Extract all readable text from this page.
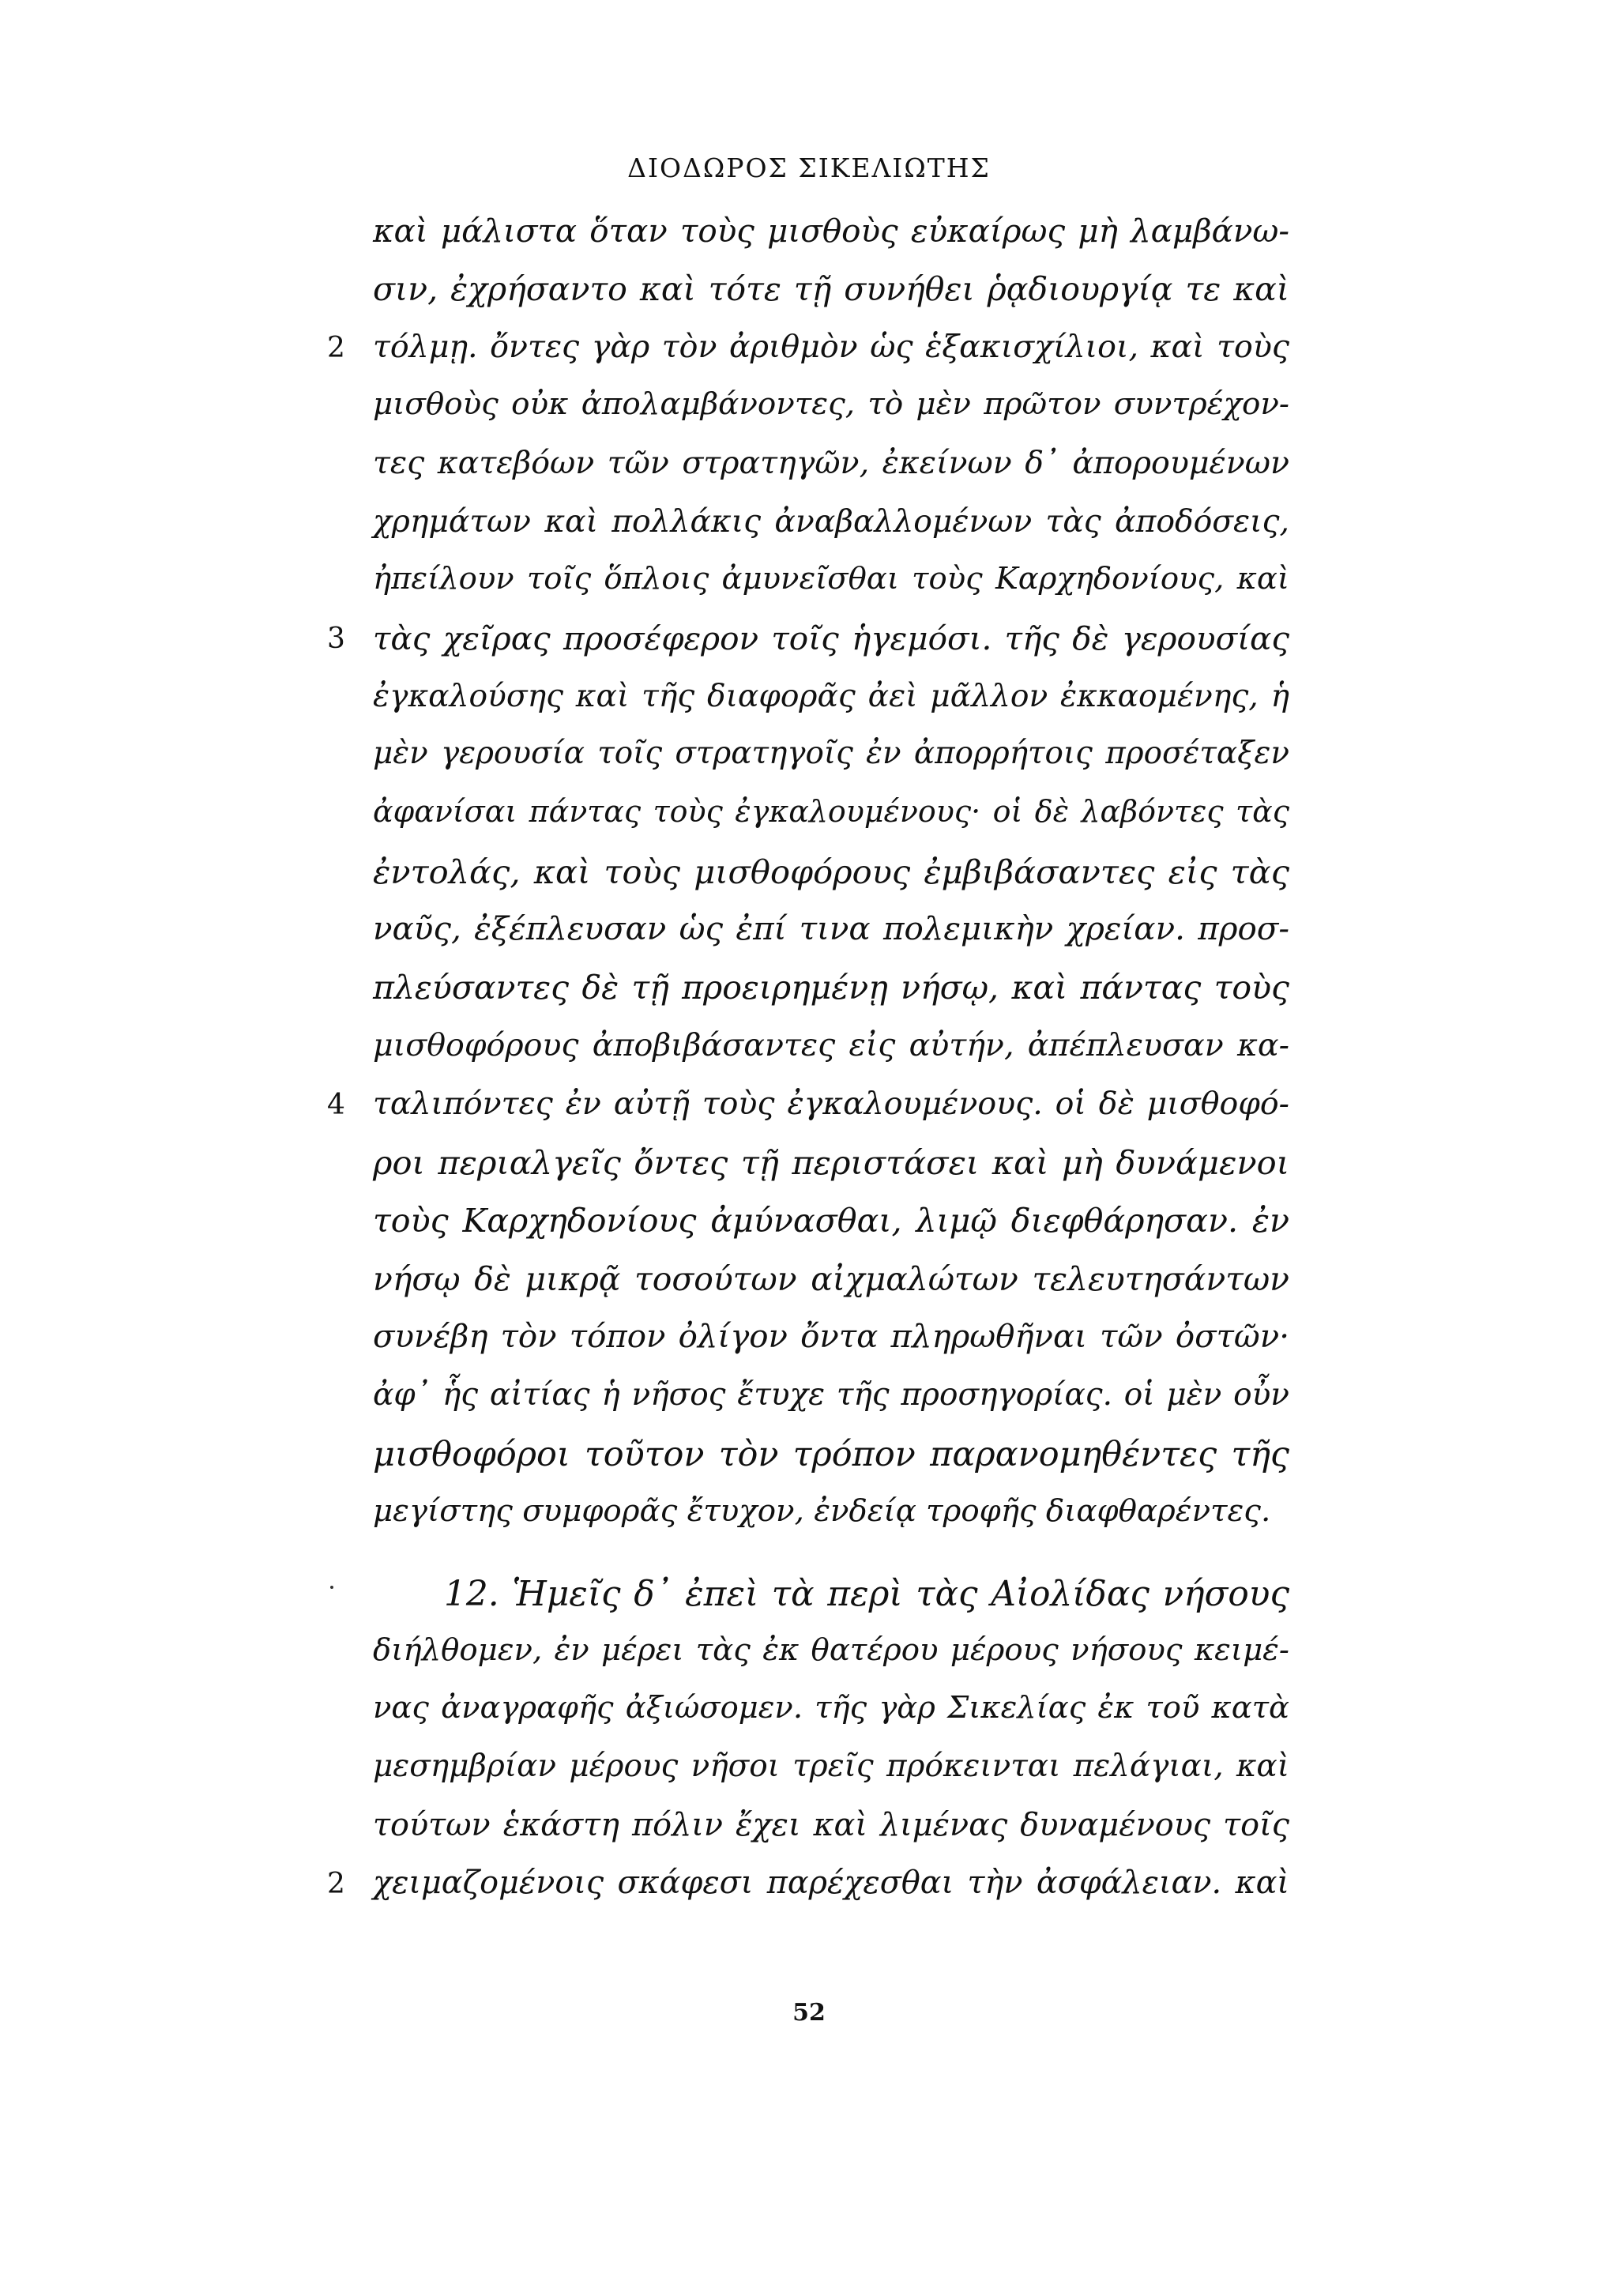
ΔΙΟΔΩΡΟΣ ΣΙΚΕΛΙΩΤΗΣ
καὶ μάλιστα ὅταν τοὺς μισθοὺς εὐκαίρως μὴ λαμβάνω-
σιν, ἐχρήσαντο καὶ τότε τῇ συνήθει ῥᾳδιουργίᾳ τε καὶ
2 τόλμῃ. ὄντες γὰρ τὸν ἀριθμὸν ὡς ἑξακισχίλιοι, καὶ τοὺς
μισθοὺς οὐκ ἀπολαμβάνοντες, τὸ μὲν πρῶτον συντρέχον-
τες κατεβόων τῶν στρατηγῶν, ἐκείνων δ᾽ ἀπορουμένων
χρημάτων καὶ πολλάκις ἀναβαλλομένων τὰς ἀποδόσεις,
ἠπείλουν τοῖς ὅπλοις ἀμυνεῖσθαι τοὺς Καρχηδονίους, καὶ
3 τὰς χεῖρας προσέφερον τοῖς ἡγεμόσι. τῆς δὲ γερουσίας
ἐγκαλούσης καὶ τῆς διαφορᾶς ἀεὶ μᾶλλον ἐκκαομένης, ἡ
μὲν γερουσία τοῖς στρατηγοῖς ἐν ἀπορρήτοις προσέταξεν
ἀφανίσαι πάντας τοὺς ἐγκαλουμένους· οἱ δὲ λαβόντες τὰς
ἐντολάς, καὶ τοὺς μισθοφόρους ἐμβιβάσαντες εἰς τὰς
ναῦς, ἐξέπλευσαν ὡς ἐπί τινα πολεμικὴν χρείαν. προσ-
πλεύσαντες δὲ τῇ προειρημένῃ νήσῳ, καὶ πάντας τοὺς
μισθοφόρους ἀποβιβάσαντες εἰς αὐτήν, ἀπέπλευσαν κα-
4 ταλιπόντες ἐν αὐτῇ τοὺς ἐγκαλουμένους. οἱ δὲ μισθοφό-
ροι περιαλγεῖς ὄντες τῇ περιστάσει καὶ μὴ δυνάμενοι
τοὺς Καρχηδονίους ἀμύνασθαι, λιμῷ διεφθάρησαν. ἐν
νήσῳ δὲ μικρᾷ τοσούτων αἰχμαλώτων τελευτησάντων
συνέβη τὸν τόπον ὀλίγον ὄντα πληρωθῆναι τῶν ὀστῶν·
ἀφ᾽ ἧς αἰτίας ἡ νῆσος ἔτυχε τῆς προσηγορίας. οἱ μὲν οὖν
μισθοφόροι τοῦτον τὸν τρόπον παρανομηθέντες τῆς
μεγίστης συμφορᾶς ἔτυχον, ἐνδείᾳ τροφῆς διαφθαρέντες.
12. Ἡμεῖς δ᾽ ἐπεὶ τὰ περὶ τὰς Αἰολίδας νήσους
διήλθομεν, ἐν μέρει τὰς ἐκ θατέρου μέρους νήσους κειμέ-
νας ἀναγραφῆς ἀξιώσομεν. τῆς γὰρ Σικελίας ἐκ τοῦ κατὰ
μεσημβρίαν μέρους νῆσοι τρεῖς πρόκεινται πελάγιαι, καὶ
τούτων ἑκάστη πόλιν ἔχει καὶ λιμένας δυναμένους τοῖς
2 χειμαζομένοις σκάφεσι παρέχεσθαι τὴν ἀσφάλειαν. καὶ
52
